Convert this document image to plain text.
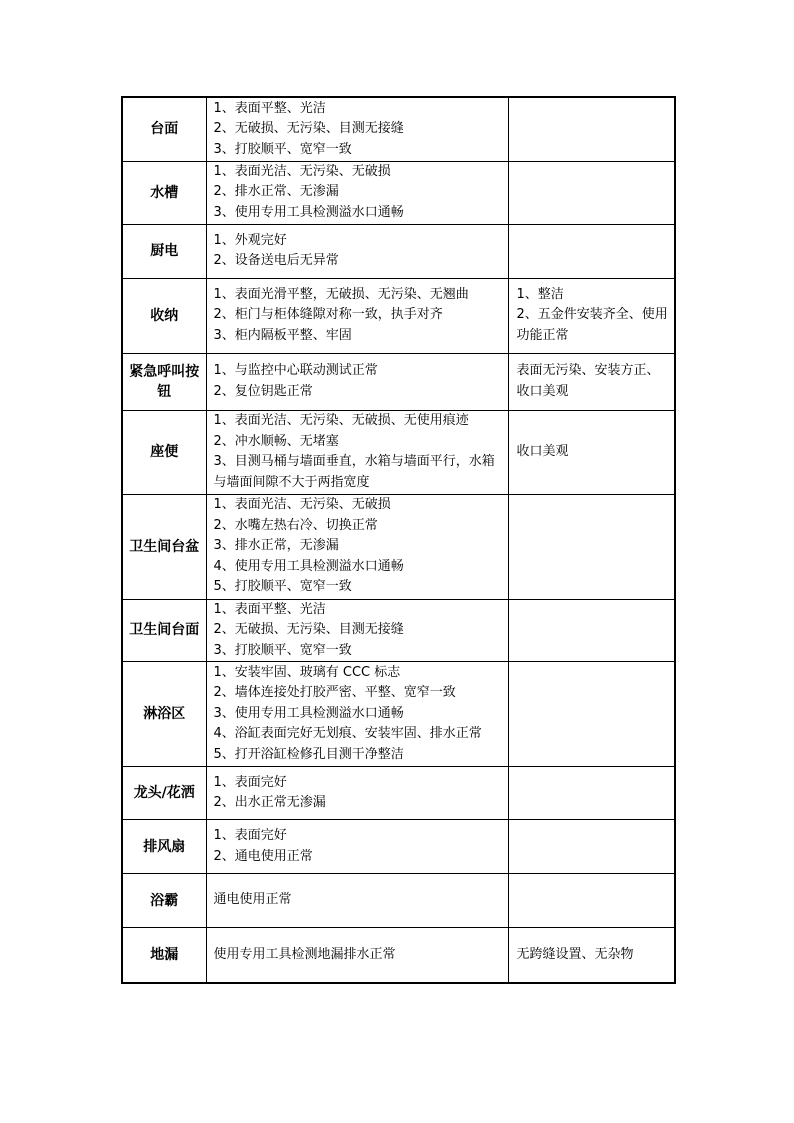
台面	1、表面平整、光洁
2、无破损、无污染、目测无接缝
3、打胶顺平、宽窄一致	

水槽	1、表面光洁、无污染、无破损
2、排水正常、无渗漏
3、使用专用工具检测溢水口通畅	

厨电	1、外观完好
2、设备送电后无异常	

收纳	1、表面光滑平整，无破损、无污染、无翘曲
2、柜门与柜体缝隙对称一致，执手对齐
3、柜内隔板平整、牢固	1、整洁
2、五金件安装齐全、使用功能正常

紧急呼叫按钮	1、与监控中心联动测试正常
2、复位钥匙正常	表面无污染、安装方正、收口美观

座便	1、表面光洁、无污染、无破损、无使用痕迹
2、冲水顺畅、无堵塞
3、目测马桶与墙面垂直，水箱与墙面平行，水箱与墙面间隙不大于两指宽度	收口美观

卫生间台盆	1、表面光洁、无污染、无破损
2、水嘴左热右冷、切换正常
3、排水正常，无渗漏
4、使用专用工具检测溢水口通畅
5、打胶顺平、宽窄一致	

卫生间台面	1、表面平整、光洁
2、无破损、无污染、目测无接缝
3、打胶顺平、宽窄一致	

淋浴区	1、安装牢固、玻璃有 CCC 标志
2、墙体连接处打胶严密、平整、宽窄一致
3、使用专用工具检测溢水口通畅
4、浴缸表面完好无划痕、安装牢固、排水正常
5、打开浴缸检修孔目测干净整洁	

龙头/花洒	1、表面完好
2、出水正常无渗漏	

排风扇	1、表面完好
2、通电使用正常	

浴霸	通电使用正常	

地漏	使用专用工具检测地漏排水正常	无跨缝设置、无杂物
